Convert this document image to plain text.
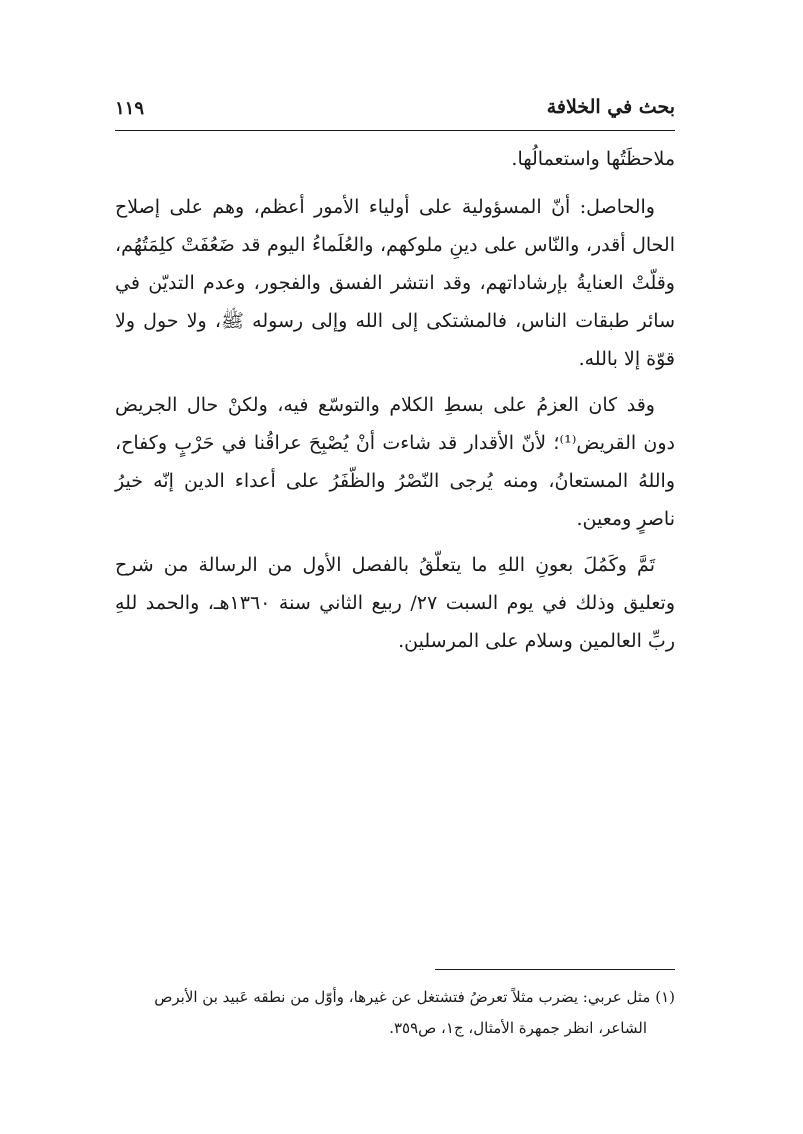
بحث في الخلافة
١١٩

ملاحظَتُها واستعمالُها.

والحاصل: أنّ المسؤولية على أولياء الأمور أعظم، وهم على إصلاح الحال أقدر، والنّاس على دينِ ملوكهم، والعُلَماءُ اليوم قد ضَعُفَتْ كلِمَتُهُم، وقلّتْ العنايةُ بإرشاداتهم، وقد انتشر الفسق والفجور، وعدم التديّن في سائر طبقات الناس، فالمشتكى إلى الله وإلى رسوله ﷺ، ولا حول ولا قوّة إلا بالله.

وقد كان العزمُ على بسطِ الكلام والتوسّع فيه، ولكنْ حال الجريض دون القريض⁽¹⁾؛ لأنّ الأقدار قد شاءت أنْ يُصْبِحَ عراقُنا في حَرْبٍ وكفاح، واللهُ المستعانُ، ومنه يُرجى النّصْرُ والظّفَرُ على أعداء الدين إنّه خيرُ ناصرٍ ومعين.

تَمَّ وكَمُلَ بعونِ اللهِ ما يتعلّقُ بالفصل الأول من الرسالة من شرح وتعليق وذلك في يوم السبت ٢٧/ ربيع الثاني سنة ١٣٦٠هـ، والحمد للهِ ربِّ العالمين وسلام على المرسلين.

(١) مثل عربي: يضرب مثلاً تعرضُ فتشتغل عن غيرها، وأوّل من نطقه عَبيد بن الأبرص
الشاعر، انظر جمهرة الأمثال، ج١، ص٣٥٩.
